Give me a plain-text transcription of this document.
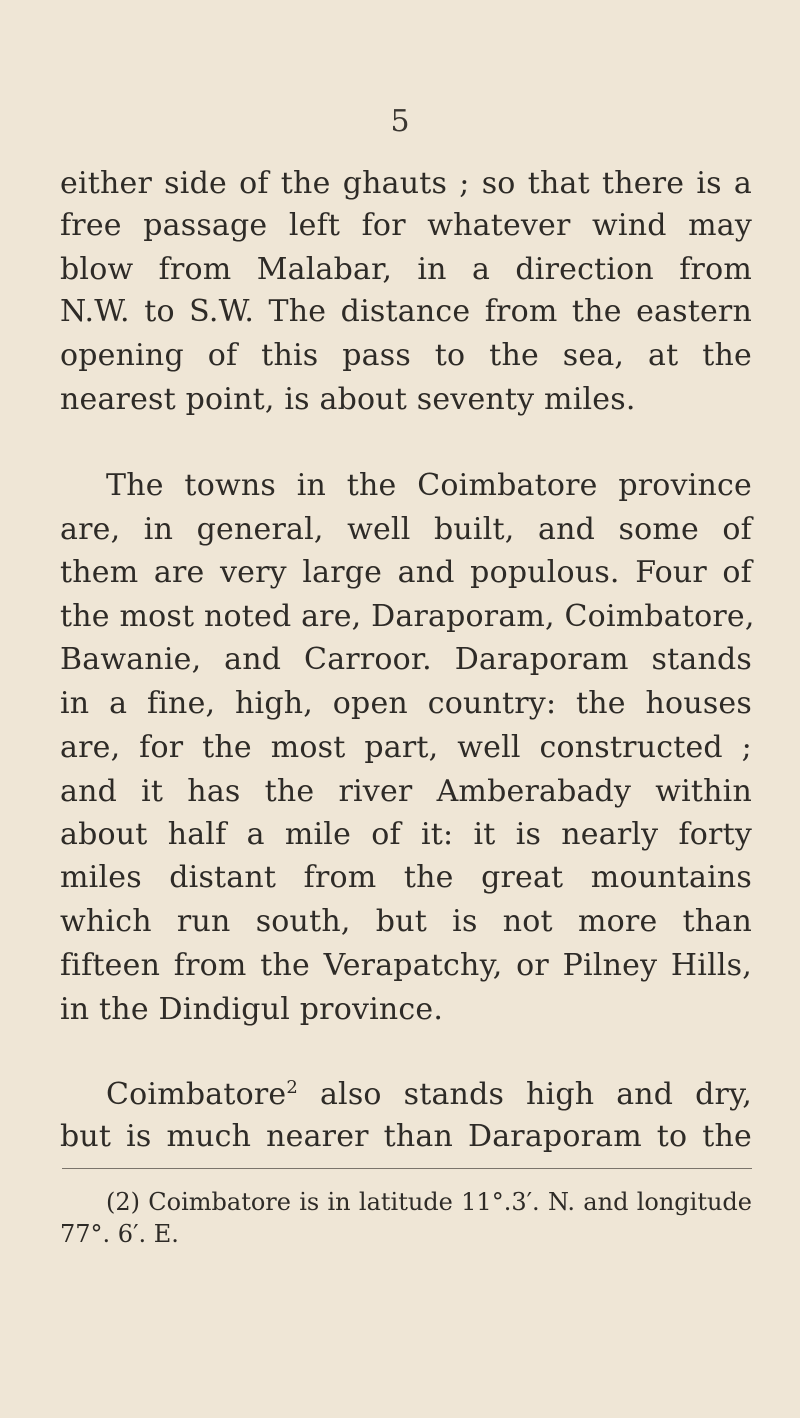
5
either side of the ghauts ; so that there is a
free passage left for whatever wind may
blow from Malabar, in a direction from
N.W. to S.W. The distance from the eastern
opening of this pass to the sea, at the
nearest point, is about seventy miles.
The towns in the Coimbatore province
are, in general, well built, and some of
them are very large and populous. Four of
the most noted are, Daraporam, Coimbatore,
Bawanie, and Carroor. Daraporam stands
in a fine, high, open country: the houses
are, for the most part, well constructed ;
and it has the river Amberabady within
about half a mile of it: it is nearly forty
miles distant from the great mountains
which run south, but is not more than
fifteen from the Verapatchy, or Pilney Hills,
in the Dindigul province.
Coimbatore$^2$ also stands high and dry,
but is much nearer than Daraporam to the
(2) Coimbatore is in latitude 11°.3′. N. and longitude
77°. 6′. E.
